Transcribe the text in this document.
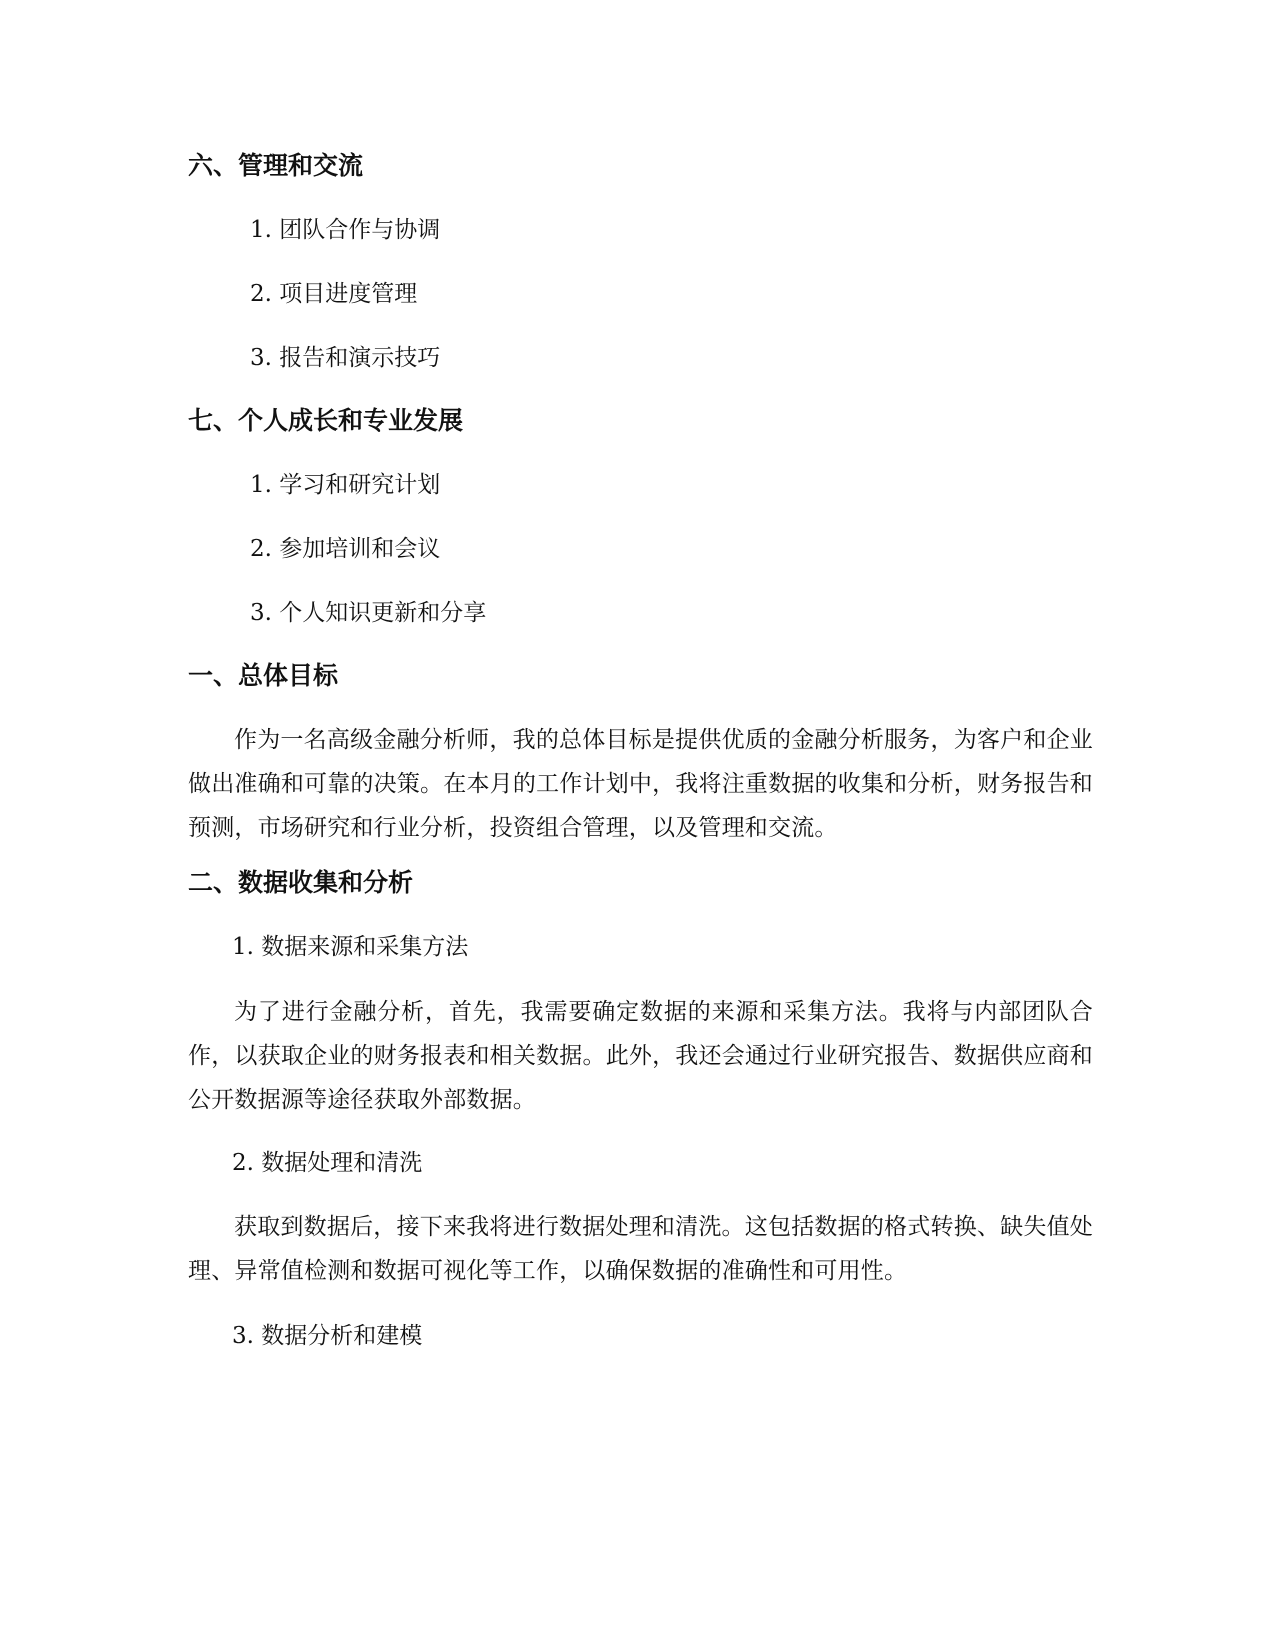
六、管理和交流

1. 团队合作与协调

2. 项目进度管理

3. 报告和演示技巧

七、个人成长和专业发展

1. 学习和研究计划

2. 参加培训和会议

3. 个人知识更新和分享

一、总体目标

作为一名高级金融分析师，我的总体目标是提供优质的金融分析服务，为客户和企业做出准确和可靠的决策。在本月的工作计划中，我将注重数据的收集和分析，财务报告和预测，市场研究和行业分析，投资组合管理，以及管理和交流。

二、数据收集和分析

1. 数据来源和采集方法

为了进行金融分析，首先，我需要确定数据的来源和采集方法。我将与内部团队合作，以获取企业的财务报表和相关数据。此外，我还会通过行业研究报告、数据供应商和公开数据源等途径获取外部数据。

2. 数据处理和清洗

获取到数据后，接下来我将进行数据处理和清洗。这包括数据的格式转换、缺失值处理、异常值检测和数据可视化等工作，以确保数据的准确性和可用性。

3. 数据分析和建模
